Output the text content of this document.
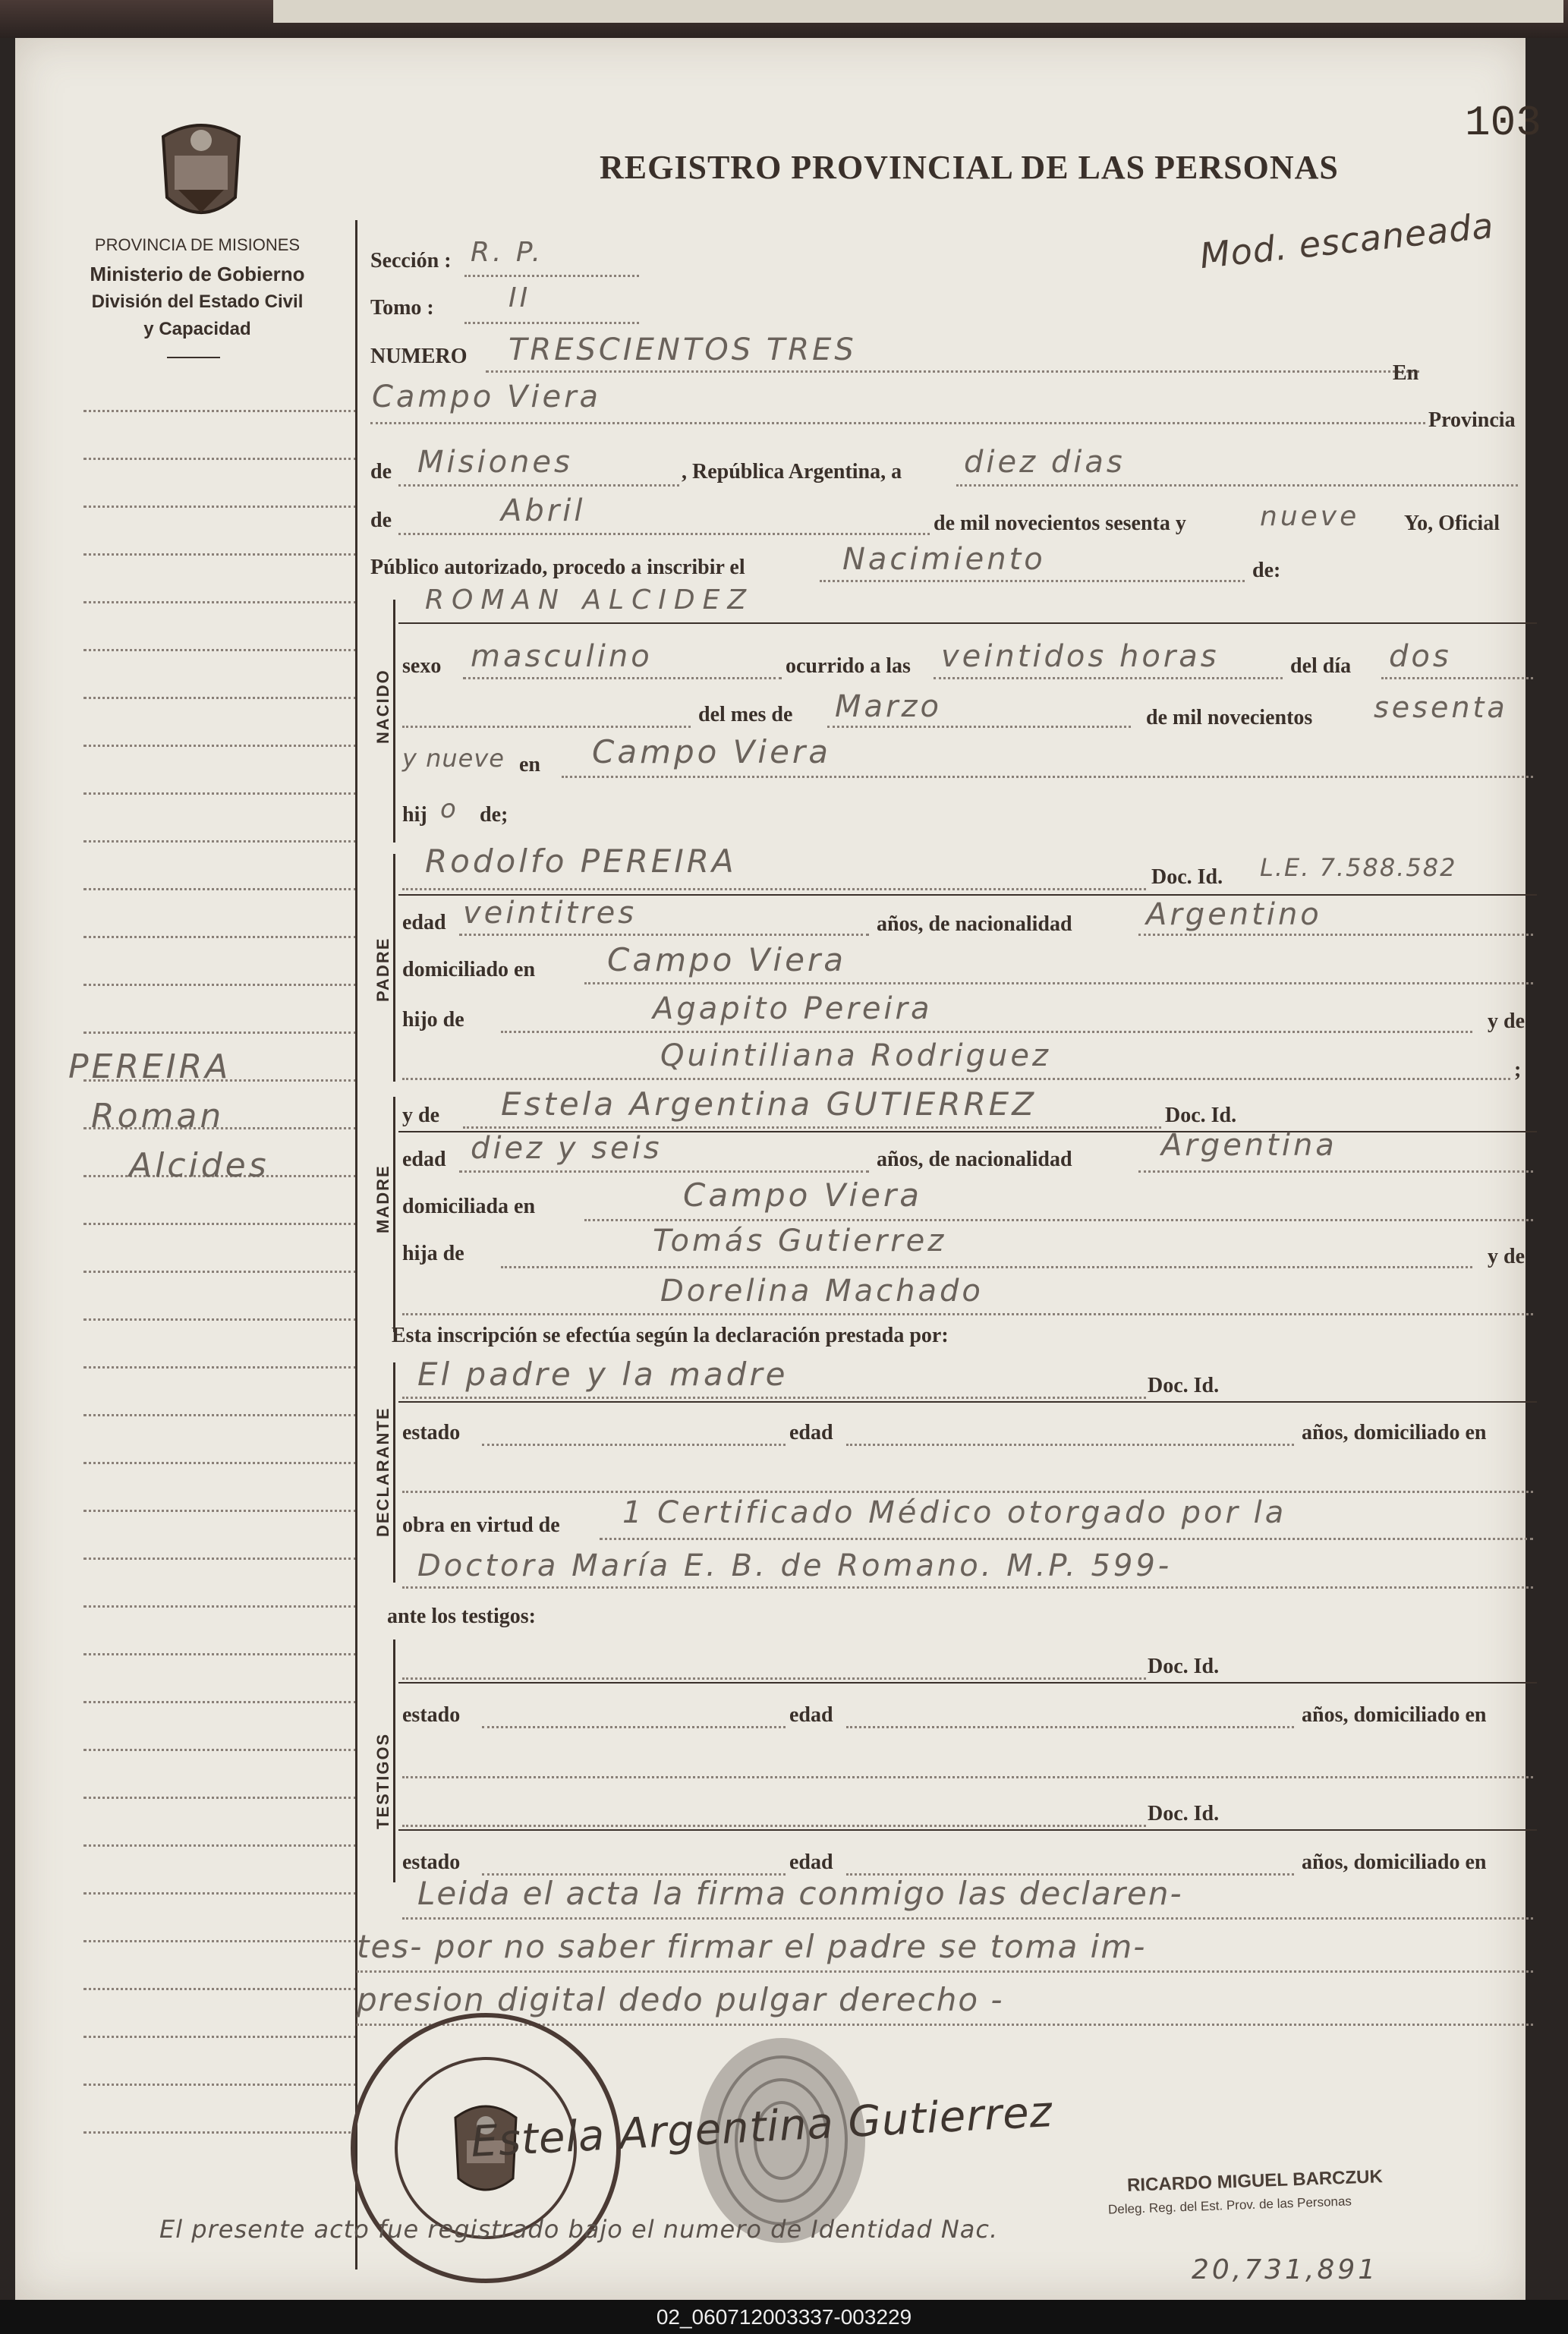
PROVINCIA DE MISIONES
Ministerio de Gobierno
División del Estado Civil
y Capacidad
REGISTRO PROVINCIAL DE LAS PERSONAS
103
Mod. escaneada
PEREIRA
Roman
Alcides
Sección : R. P.
Tomo :	II
NUMERO TRESCIENTOS TRES
En
Campo Viera
Provincia
de Misiones	, República Argentina, a diez dias
de	Abril	de mil novecientos sesenta y	nueve Yo, Oficial
Público autorizado, procedo a inscribir el	Nacimiento	de:
NACIDO
ROMAN ALCIDEZ
sexo masculino	ocurrido a las veintidos horas	del día dos
del mes de Marzo	de mil novecientos sesenta
y nueve en Campo Viera
hij o de;
PADRE
Rodolfo PEREIRA	Doc. Id. L.E. 7.588.582
edad veintitres	años, de nacionalidad Argentino
domiciliado en Campo Viera
hijo de	Agapito Pereira	y de
Quintiliana Rodriguez	;
MADRE
y de Estela Argentina GUTIERREZ	Doc. Id.
edad diez y seis	años, de nacionalidad	Argentina
domiciliada en	Campo Viera
hija de	Tomás Gutierrez	y de
Dorelina Machado
Esta inscripción se efectúa según la declaración prestada por:
DECLARANTE
El padre y la madre	Doc. Id.
estado	edad	años, domiciliado en
obra en virtud de 1 Certificado Médico otorgado por la
Doctora María E. B. de Romano. M.P. 599-
ante los testigos:
TESTIGOS
Doc. Id.
estado	edad	años, domiciliado en
Doc. Id.
estado	edad	años, domiciliado en
Leida el acta la firma conmigo las declaren-
tes- por no saber firmar el padre se toma im-
presion digital dedo pulgar derecho -
Estela Argentina Gutierrez
RICARDO MIGUEL BARCZUK
Deleg. Reg. del Est. Prov. de las Personas
El presente acto fue registrado bajo el numero de Identidad Nac.
20,731,891
02_060712003337-003229
